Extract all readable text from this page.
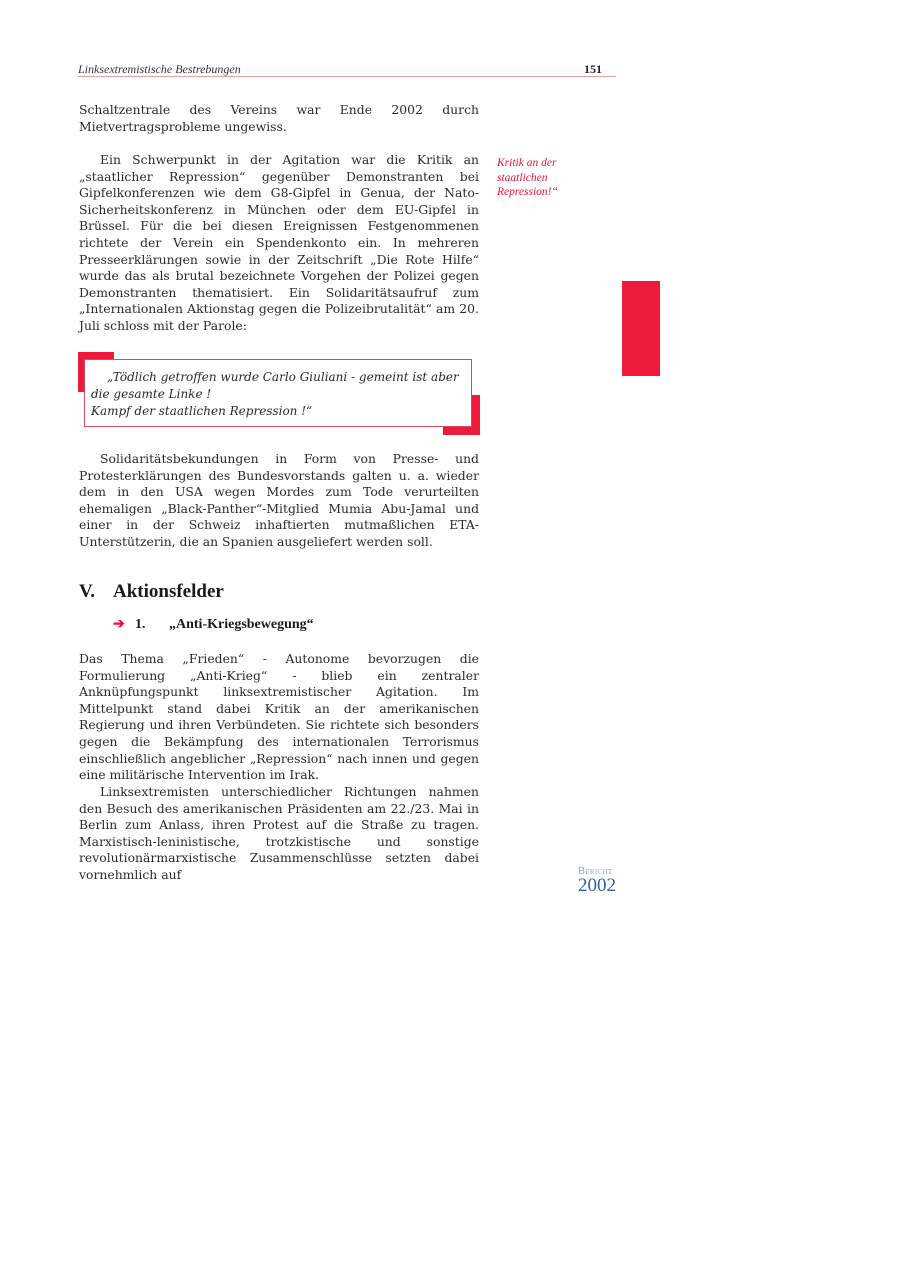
Linksextremistische Bestrebungen	151

Schaltzentrale des Vereins war Ende 2002 durch Mietvertragsprobleme ungewiss.

Ein Schwerpunkt in der Agitation war die Kritik an „staatlicher Repression“ gegenüber Demonstranten bei Gipfelkonferenzen wie dem G8-Gipfel in Genua, der Nato-Sicherheitskonferenz in München oder dem EU-Gipfel in Brüssel. Für die bei diesen Ereignissen Festgenommenen richtete der Verein ein Spendenkonto ein. In mehreren Presseerklärungen sowie in der Zeitschrift „Die Rote Hilfe“ wurde das als brutal bezeichnete Vorgehen der Polizei gegen Demonstranten thematisiert. Ein Solidaritätsaufruf zum „Internationalen Aktionstag gegen die Polizeibrutalität“ am 20. Juli schloss mit der Parole:

Kritik an der staatlichen Repression!“
„Tödlich getroffen wurde Carlo Giuliani - gemeint ist aber
die gesamte Linke !
Kampf der staatlichen Repression !“

Solidaritätsbekundungen in Form von Presse- und Protesterklärungen des Bundesvorstands galten u. a. wieder dem in den USA wegen Mordes zum Tode verurteilten ehemaligen „Black-Panther“-Mitglied Mumia Abu-Jamal und einer in der Schweiz inhaftierten mutmaßlichen ETA-Unterstützerin, die an Spanien ausgeliefert werden soll.

V. Aktionsfelder
➔ 1. „Anti-Kriegsbewegung“

Das Thema „Frieden“ - Autonome bevorzugen die Formulierung „Anti-Krieg“ - blieb ein zentraler Anknüpfungspunkt linksextremistischer Agitation. Im Mittelpunkt stand dabei Kritik an der amerikanischen Regierung und ihren Verbündeten. Sie richtete sich besonders gegen die Bekämpfung des internationalen Terrorismus einschließlich angeblicher „Repression“ nach innen und gegen eine militärische Intervention im Irak.

Linksextremisten unterschiedlicher Richtungen nahmen den Besuch des amerikanischen Präsidenten am 22./23. Mai in Berlin zum Anlass, ihren Protest auf die Straße zu tragen. Marxistisch-leninistische, trotzkistische und sonstige revolutionärmarxistische Zusammenschlüsse setzten dabei vornehmlich auf	Bericht
2002
